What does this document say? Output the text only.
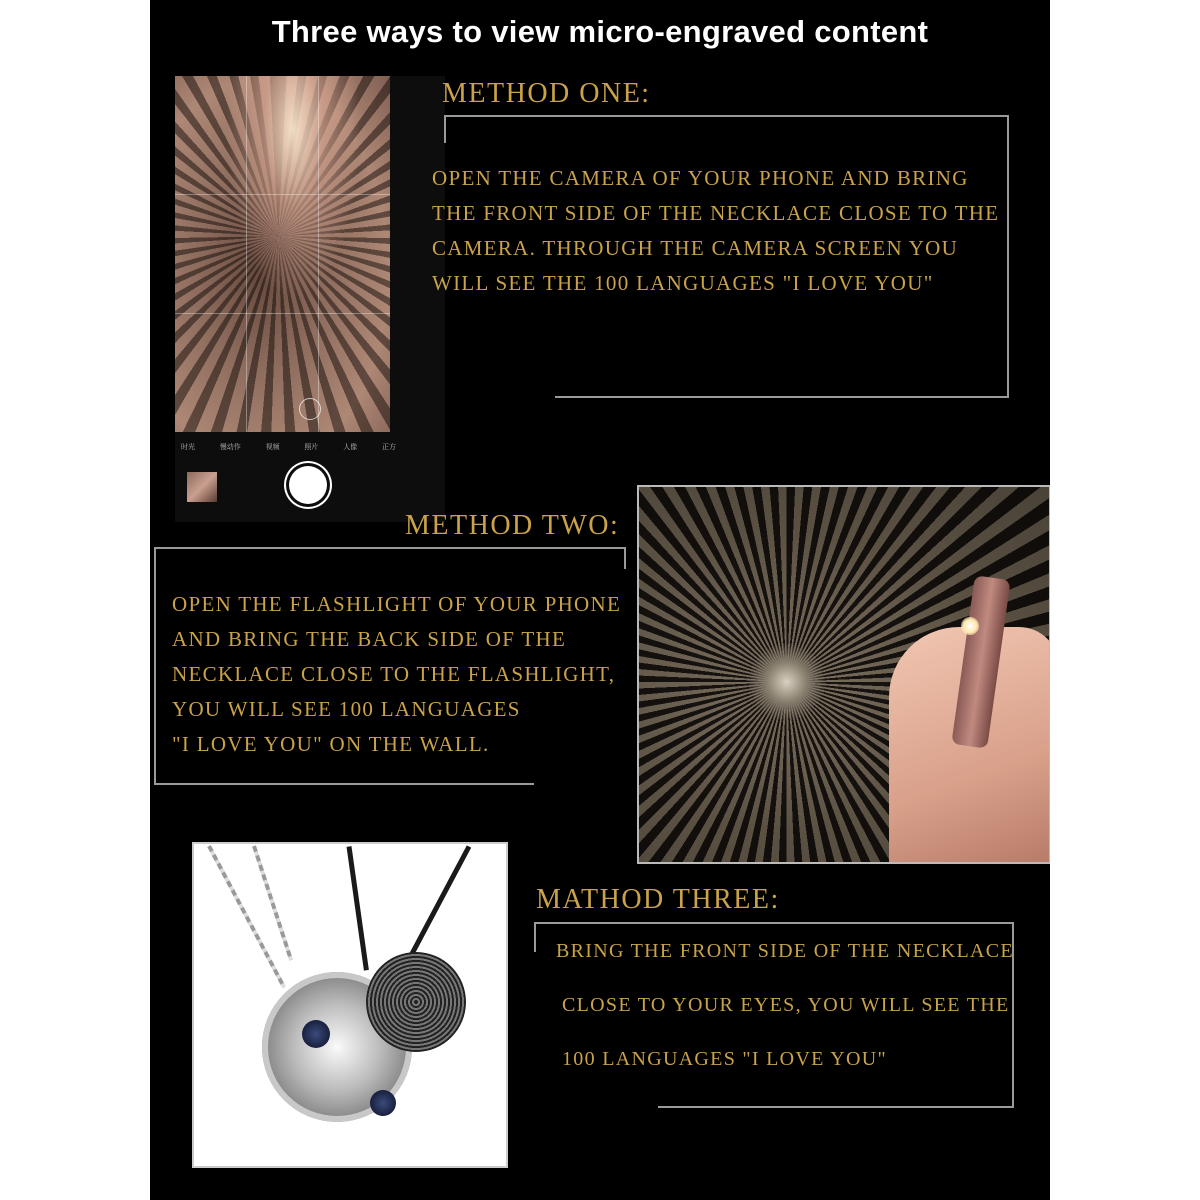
Three ways to view micro-engraved content
时光	慢动作	视频	照片	人像	正方
METHOD ONE:
OPEN THE CAMERA OF YOUR PHONE AND BRING
THE FRONT SIDE OF THE NECKLACE CLOSE TO THE
CAMERA. THROUGH THE CAMERA SCREEN YOU
WILL SEE THE 100 LANGUAGES "I LOVE YOU"
METHOD TWO:
OPEN THE FLASHLIGHT OF YOUR PHONE
AND BRING THE BACK SIDE OF THE
NECKLACE CLOSE TO THE FLASHLIGHT,
YOU WILL SEE 100 LANGUAGES
"I LOVE YOU" ON THE WALL.
MATHOD THREE:
BRING THE FRONT SIDE OF THE NECKLACE
CLOSE TO YOUR EYES, YOU WILL SEE THE
100 LANGUAGES "I LOVE YOU"
